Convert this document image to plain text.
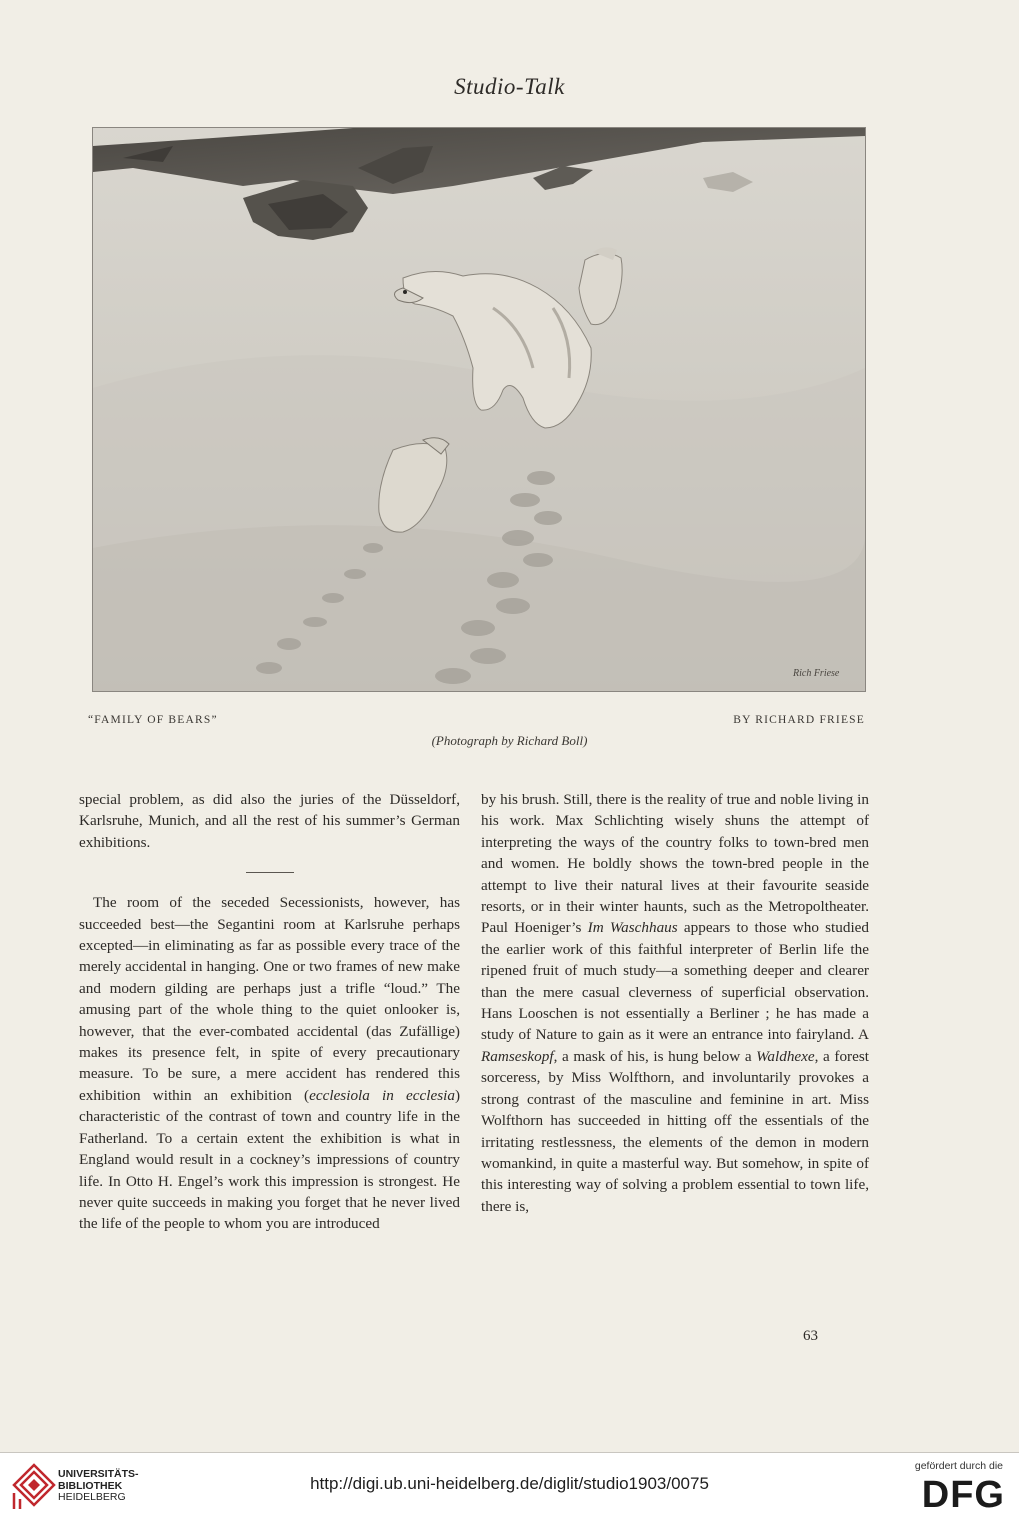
Studio-Talk
Rich Friese
“FAMILY OF BEARS”	BY RICHARD FRIESE
(Photograph by Richard Boll)

special problem, as did also the juries of the Düsseldorf, Karlsruhe, Munich, and all the rest of his summer’s German exhibitions.

The room of the seceded Secessionists, however, has succeeded best—the Segantini room at Karlsruhe perhaps excepted—in eliminating as far as possible every trace of the merely accidental in hanging. One or two frames of new make and modern gilding are perhaps just a trifle “loud.” The amusing part of the whole thing to the quiet onlooker is, however, that the ever-combated accidental (das Zufällige) makes its presence felt, in spite of every precautionary measure. To be sure, a mere accident has rendered this exhibition within an exhibition (ecclesiola in ecclesia) characteristic of the contrast of town and country life in the Fatherland. To a certain extent the exhibition is what in England would result in a cockney’s impressions of country life. In Otto H. Engel’s work this impression is strongest. He never quite succeeds in making you forget that he never lived the life of the people to whom you are introduced

by his brush. Still, there is the reality of true and noble living in his work. Max Schlichting wisely shuns the attempt of interpreting the ways of the country folks to town-bred men and women. He boldly shows the town-bred people in the attempt to live their natural lives at their favourite seaside resorts, or in their winter haunts, such as the Metropoltheater. Paul Hoeniger’s Im Waschhaus appears to those who studied the earlier work of this faithful interpreter of Berlin life the ripened fruit of much study—a something deeper and clearer than the mere casual cleverness of superficial observation. Hans Looschen is not essentially a Berliner ; he has made a study of Nature to gain as it were an entrance into fairyland. A Ramseskopf, a mask of his, is hung below a Waldhexe, a forest sorceress, by Miss Wolfthorn, and involuntarily provokes a strong contrast of the masculine and feminine in art. Miss Wolfthorn has succeeded in hitting off the essentials of the irritating restlessness, the elements of the demon in modern womankind, in quite a masterful way. But somehow, in spite of this interesting way of solving a problem essential to town life, there is,

63
UNIVERSITÄTS-
BIBLIOTHEK
HEIDELBERG
http://digi.ub.uni-heidelberg.de/diglit/studio1903/0075
gefördert durch die
DFG
